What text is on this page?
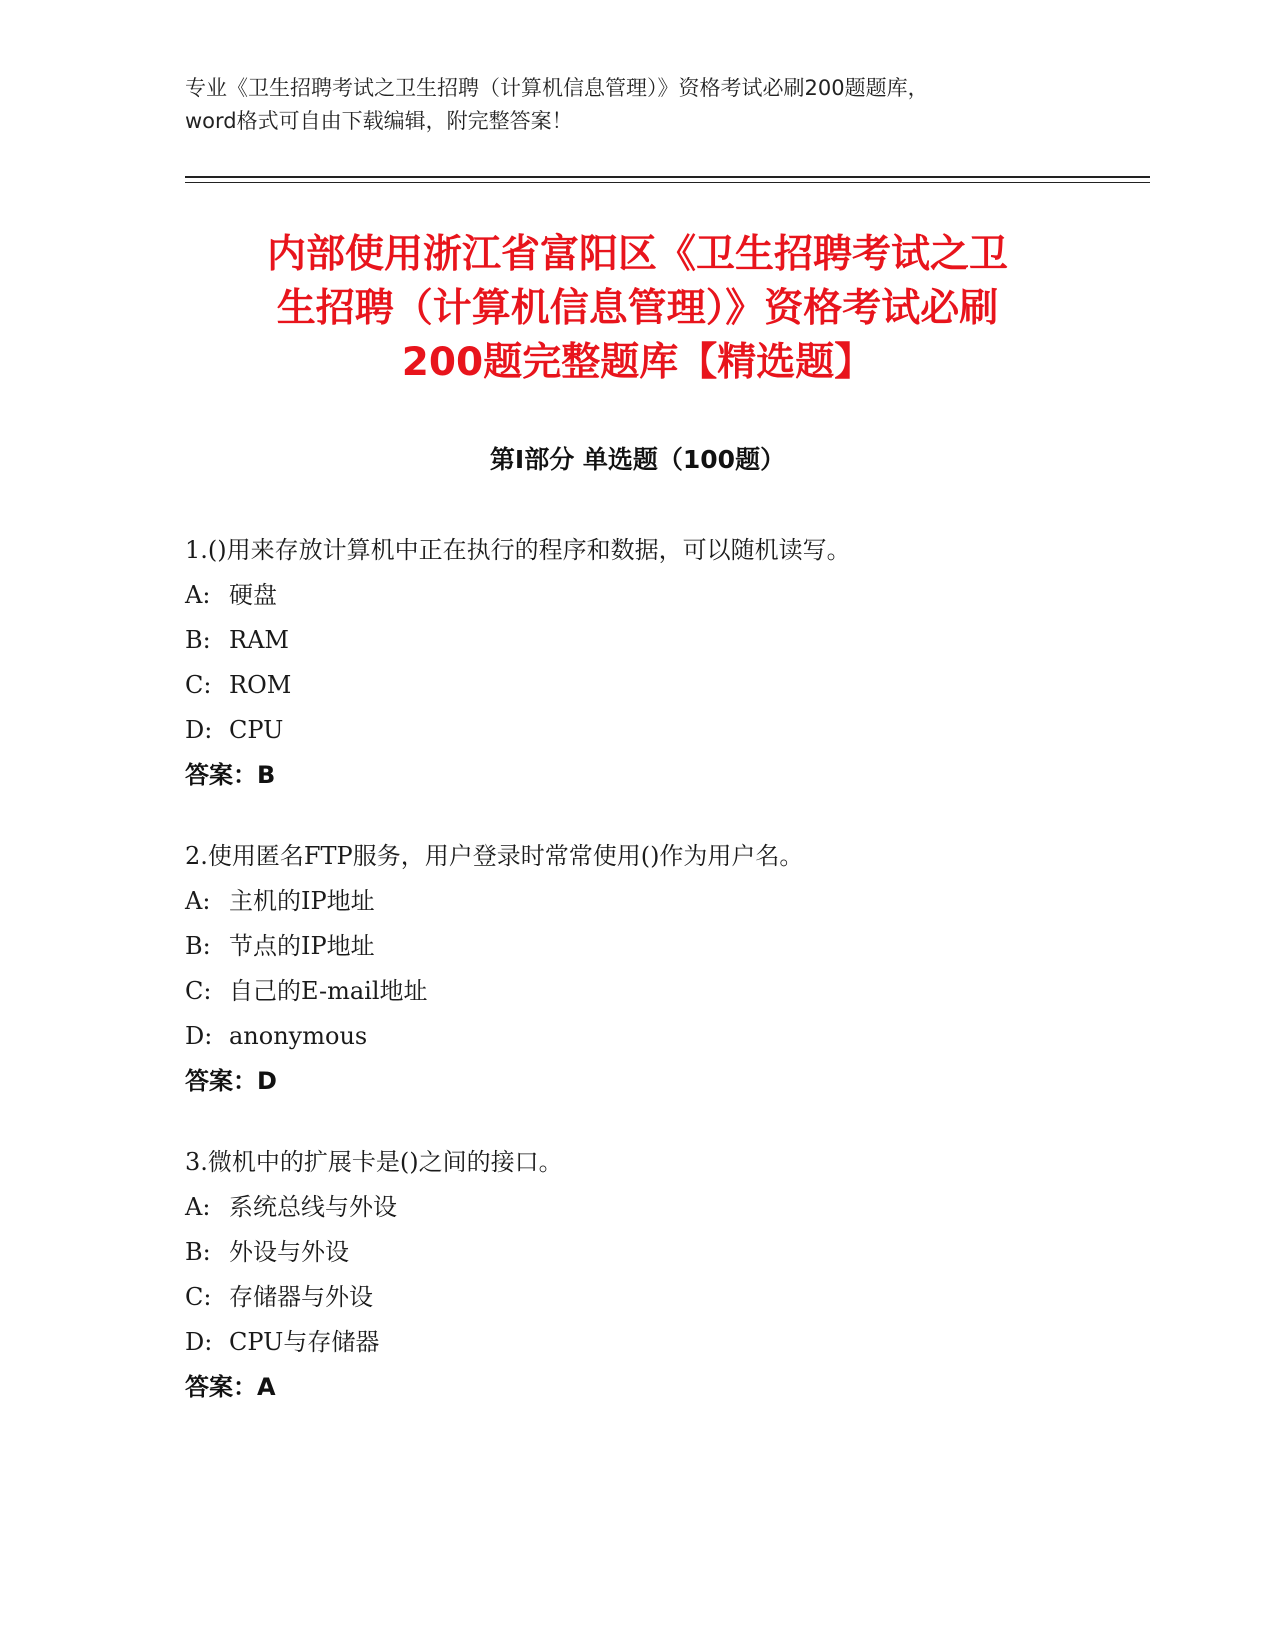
专业《卫生招聘考试之卫生招聘（计算机信息管理）》资格考试必刷200题题库，
word格式可自由下载编辑，附完整答案！
内部使用浙江省富阳区《卫生招聘考试之卫
生招聘（计算机信息管理）》资格考试必刷
200题完整题库【精选题】
第Ⅰ部分 单选题（100题）
1.()用来存放计算机中正在执行的程序和数据，可以随机读写。
A: 硬盘
B: RAM
C: ROM
D: CPU
答案：B
2.使用匿名FTP服务，用户登录时常常使用()作为用户名。
A: 主机的IP地址
B: 节点的IP地址
C: 自己的E-mail地址
D: anonymous
答案：D
3.微机中的扩展卡是()之间的接口。
A: 系统总线与外设
B: 外设与外设
C: 存储器与外设
D: CPU与存储器
答案：A
